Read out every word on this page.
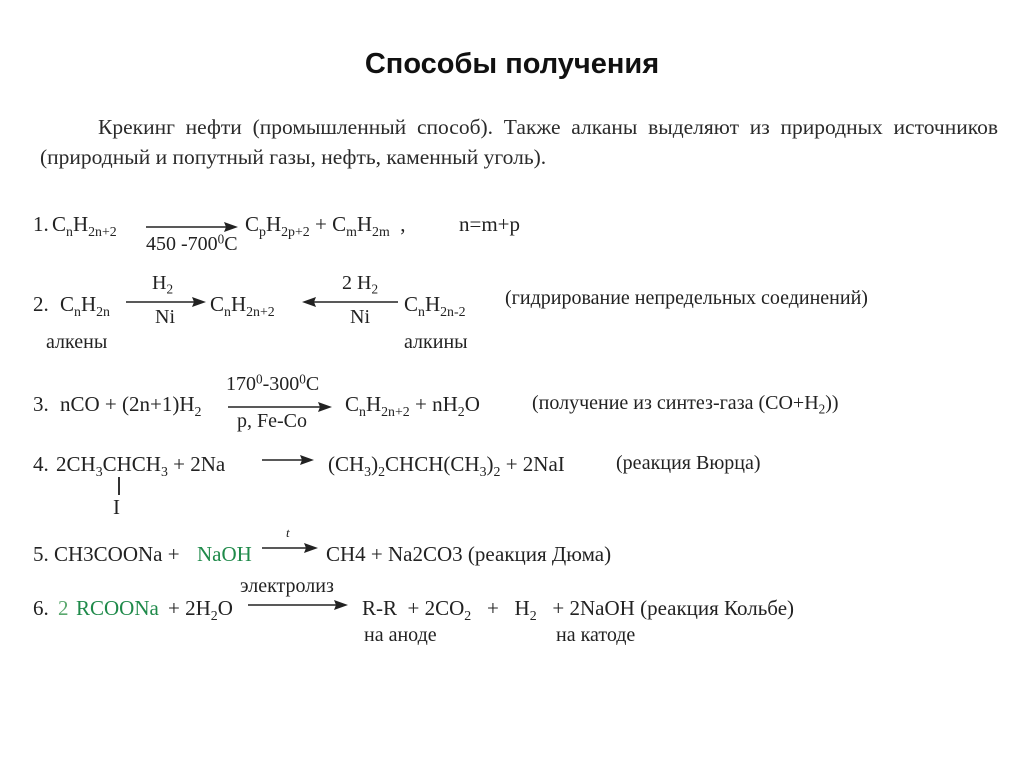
Способы получения
Крекинг нефти (промышленный способ). Также алканы выделяют из природных источников (природный и попутный газы, нефть, каменный уголь).
1. $C_nH_{2n+2}$
450 $-700^0C$
$C_pH_{2p+2} + C_mH_{2m}$  ,	n=m+p
2. $C_nH_{2n}$
алкены
$H_2$
Ni
$C_nH_{2n+2}$
2 $H_2$
Ni
$C_nH_{2n-2}$
алкины
(гидрирование непредельных соединений)
3. nCO + $(2n+1)H_2$
$170^0-300^0C$
p, Fe-Co
$C_nH_{2n+2} + nH_2O$	(получение из синтез-газа $(CO+H_2)$)
4. $2CH_3CHCH_3 + 2Na$
I
→ $(CH_3)_2CHCH(CH_3)_2 + 2NaI$	(реакция Вюрца)
5. CH3COONa + NaOH
t
→ CH4 + Na2CO3 (реакция Дюма)
6. 2 RCOONa + $2H_2O$
электролиз
$R-R + 2CO_2 + H_2$   + 2NaOH (реакция Кольбе)
на аноде	на катоде
